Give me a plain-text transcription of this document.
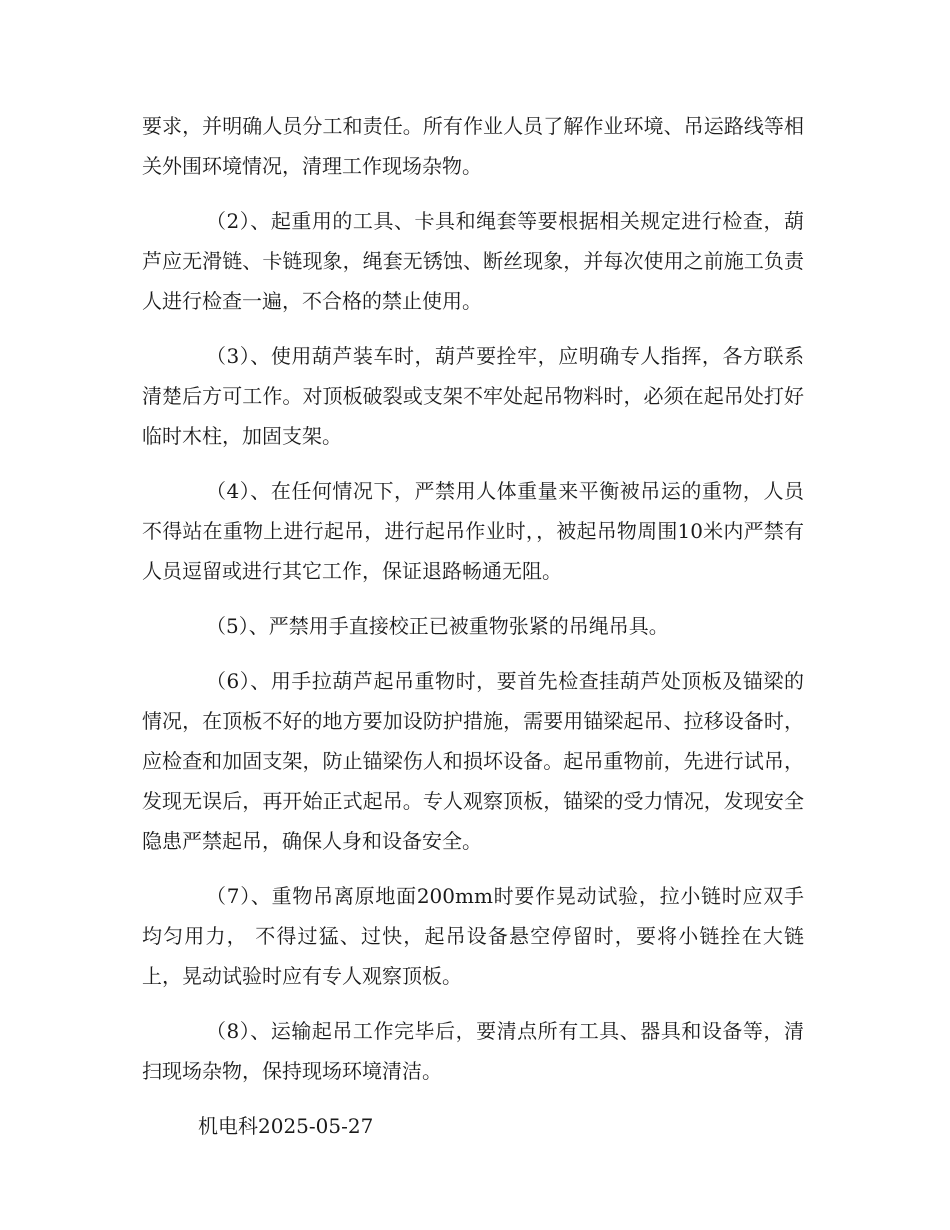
要求，并明确人员分工和责任。所有作业人员了解作业环境、吊运路线等相关外围环境情况，清理工作现场杂物。

（2）、起重用的工具、卡具和绳套等要根据相关规定进行检查，葫芦应无滑链、卡链现象，绳套无锈蚀、断丝现象，并每次使用之前施工负责人进行检查一遍，不合格的禁止使用。

（3）、使用葫芦装车时，葫芦要拴牢，应明确专人指挥，各方联系清楚后方可工作。对顶板破裂或支架不牢处起吊物料时，必须在起吊处打好临时木柱，加固支架。

（4）、在任何情况下，严禁用人体重量来平衡被吊运的重物，人员不得站在重物上进行起吊，进行起吊作业时，，被起吊物周围10米内严禁有人员逗留或进行其它工作，保证退路畅通无阻。

（5）、严禁用手直接校正已被重物张紧的吊绳吊具。

（6）、用手拉葫芦起吊重物时，要首先检查挂葫芦处顶板及锚梁的情况，在顶板不好的地方要加设防护措施，需要用锚梁起吊、拉移设备时，应检查和加固支架，防止锚梁伤人和损坏设备。起吊重物前，先进行试吊，发现无误后，再开始正式起吊。专人观察顶板，锚梁的受力情况，发现安全隐患严禁起吊，确保人身和设备安全。

（7）、重物吊离原地面200mm时要作晃动试验，拉小链时应双手均匀用力， 不得过猛、过快，起吊设备悬空停留时，要将小链拴在大链上，晃动试验时应有专人观察顶板。

（8）、运输起吊工作完毕后，要清点所有工具、器具和设备等，清扫现场杂物，保持现场环境清洁。

机电科2025-05-27
